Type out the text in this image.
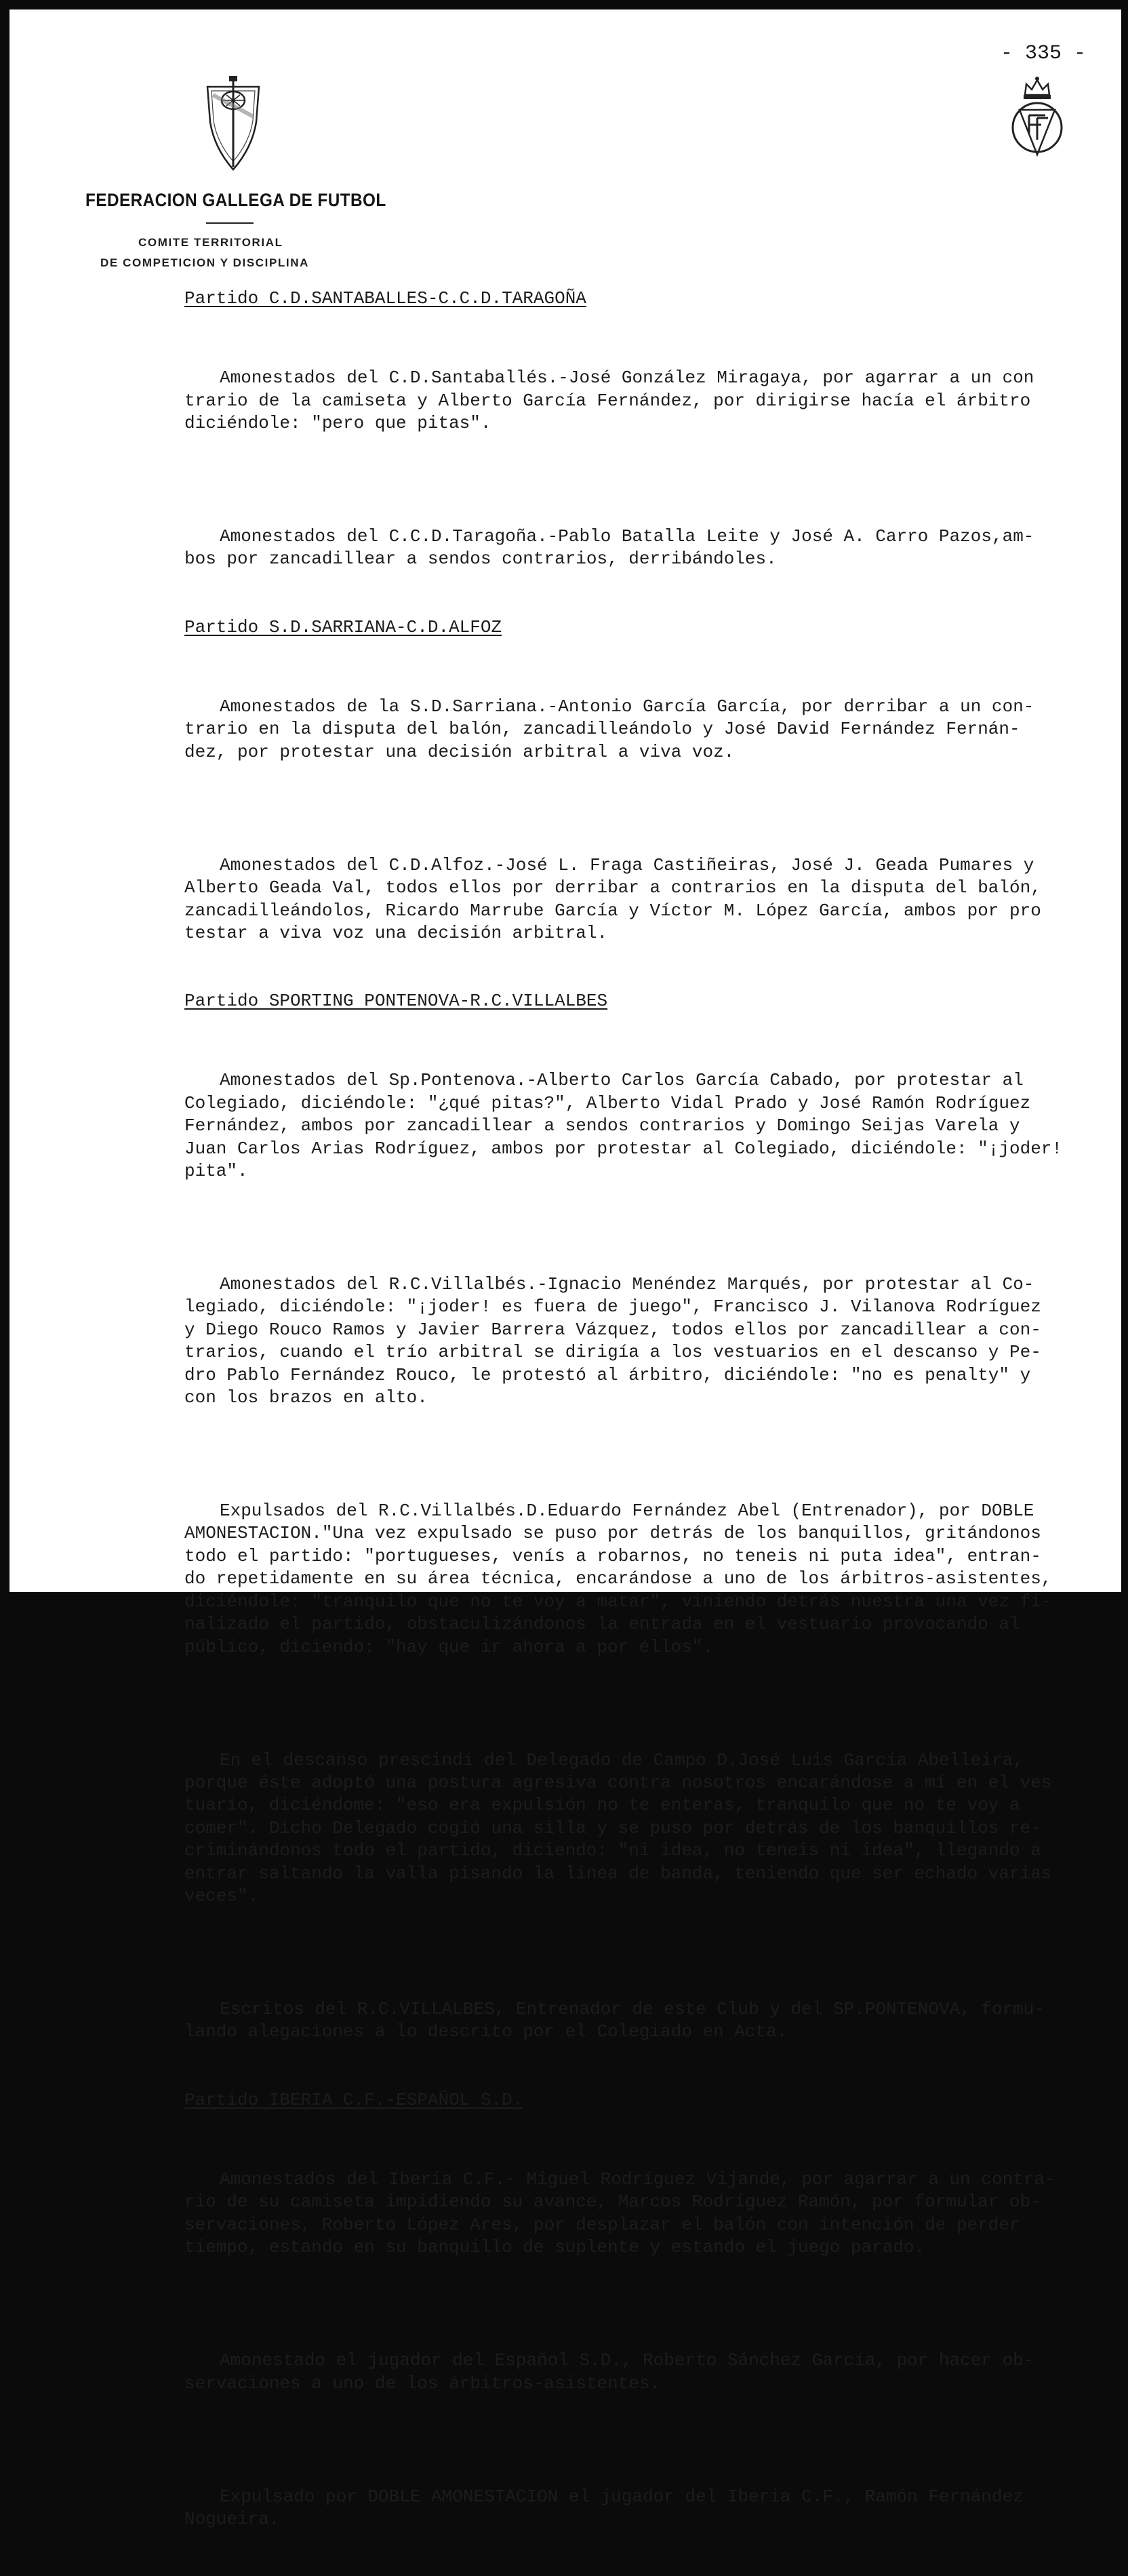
- 335 -
FEDERACION GALLEGA DE FUTBOL
COMITE TERRITORIAL
DE COMPETICION Y DISCIPLINA
Partido C.D.SANTABALLES-C.C.D.TARAGOÑA

Amonestados del C.D.Santaballés.-José González Miragaya, por agarrar a un con
trario de la camiseta y Alberto García Fernández, por dirigirse hacía el árbitro
diciéndole: "pero que pitas".

Amonestados del C.C.D.Taragoña.-Pablo Batalla Leite y José A. Carro Pazos,am-
bos por zancadillear a sendos contrarios, derribándoles.

Partido S.D.SARRIANA-C.D.ALFOZ

Amonestados de la S.D.Sarriana.-Antonio García García, por derribar a un con-
trario en la disputa del balón, zancadilleándolo y José David Fernández Fernán-
dez, por protestar una decisión arbitral a viva voz.

Amonestados del C.D.Alfoz.-José L. Fraga Castiñeiras, José J. Geada Pumares y
Alberto Geada Val, todos ellos por derribar a contrarios en la disputa del balón,
zancadilleándolos, Ricardo Marrube García y Víctor M. López García, ambos por pro
testar a viva voz una decisión arbitral.

Partido SPORTING PONTENOVA-R.C.VILLALBES

Amonestados del Sp.Pontenova.-Alberto Carlos García Cabado, por protestar al
Colegiado, diciéndole: "¿qué pitas?", Alberto Vidal Prado y José Ramón Rodríguez
Fernández, ambos por zancadillear a sendos contrarios y Domingo Seijas Varela y
Juan Carlos Arias Rodríguez, ambos por protestar al Colegiado, diciéndole: "¡joder!
pita".

Amonestados del R.C.Villalbés.-Ignacio Menéndez Marqués, por protestar al Co-
legiado, diciéndole: "¡joder! es fuera de juego", Francisco J. Vilanova Rodríguez
y Diego Rouco Ramos y Javier Barrera Vázquez, todos ellos por zancadillear a con-
trarios, cuando el trío arbitral se dirigía a los vestuarios en el descanso y Pe-
dro Pablo Fernández Rouco, le protestó al árbitro, diciéndole: "no es penalty" y
con los brazos en alto.

Expulsados del R.C.Villalbés.D.Eduardo Fernández Abel (Entrenador), por DOBLE
AMONESTACION."Una vez expulsado se puso por detrás de los banquillos, gritándonos
todo el partido: "portugueses, venís a robarnos, no teneis ni puta idea", entran-
do repetidamente en su área técnica, encarándose a uno de los árbitros-asistentes,
diciéndole: "tranquilo que no te voy a matar", viniendo detrás nuestra una vez fi-
nalizado el partido, obstaculizándonos la entrada en el vestuario provocando al
público, diciendo: "hay que ir ahora a por éllos".

En el descanso prescindí del Delegado de Campo D.José Luis García Abelleira,
porque éste adoptó una postura agresiva contra nosotros encarándose a mí en el ves
tuario, diciéndome: "eso era expulsión no te enteras, tranquilo que no te voy a
comer". Dicho Delegado cogió una silla y se puso por detrás de los banquillos re-
criminándonos todo el partido, diciendo: "ni idea, no teneis ni idea", llegando a
entrar saltando la valla pisando la línea de banda, teniendo que ser echado varias
veces".

Escritos del R.C.VILLALBES, Entrenador de este Club y del SP.PONTENOVA, formu-
lando alegaciones a lo descrito por el Colegiado en Acta.

Partido IBERIA C.F.-ESPAÑOL S.D.

Amonestados del Iberia C.F.- Miguel Rodríguez Vijande, por agarrar a un contra-
rio de su camiseta impidiendo su avance, Marcos Rodríguez Ramón, por formular ob-
servaciones, Roberto López Ares, por desplazar el balón con intención de perder
tiempo, estando en su banquillo de suplente y estando el juego parado.

Amonestado el jugador del Español S.D., Roberto Sánchez García, por hacer ob-
servaciones a uno de los árbitros-asistentes.

Expulsado por DOBLE AMONESTACION el jugador del Iberia C.F., Ramón Fernández
Nogueira.
